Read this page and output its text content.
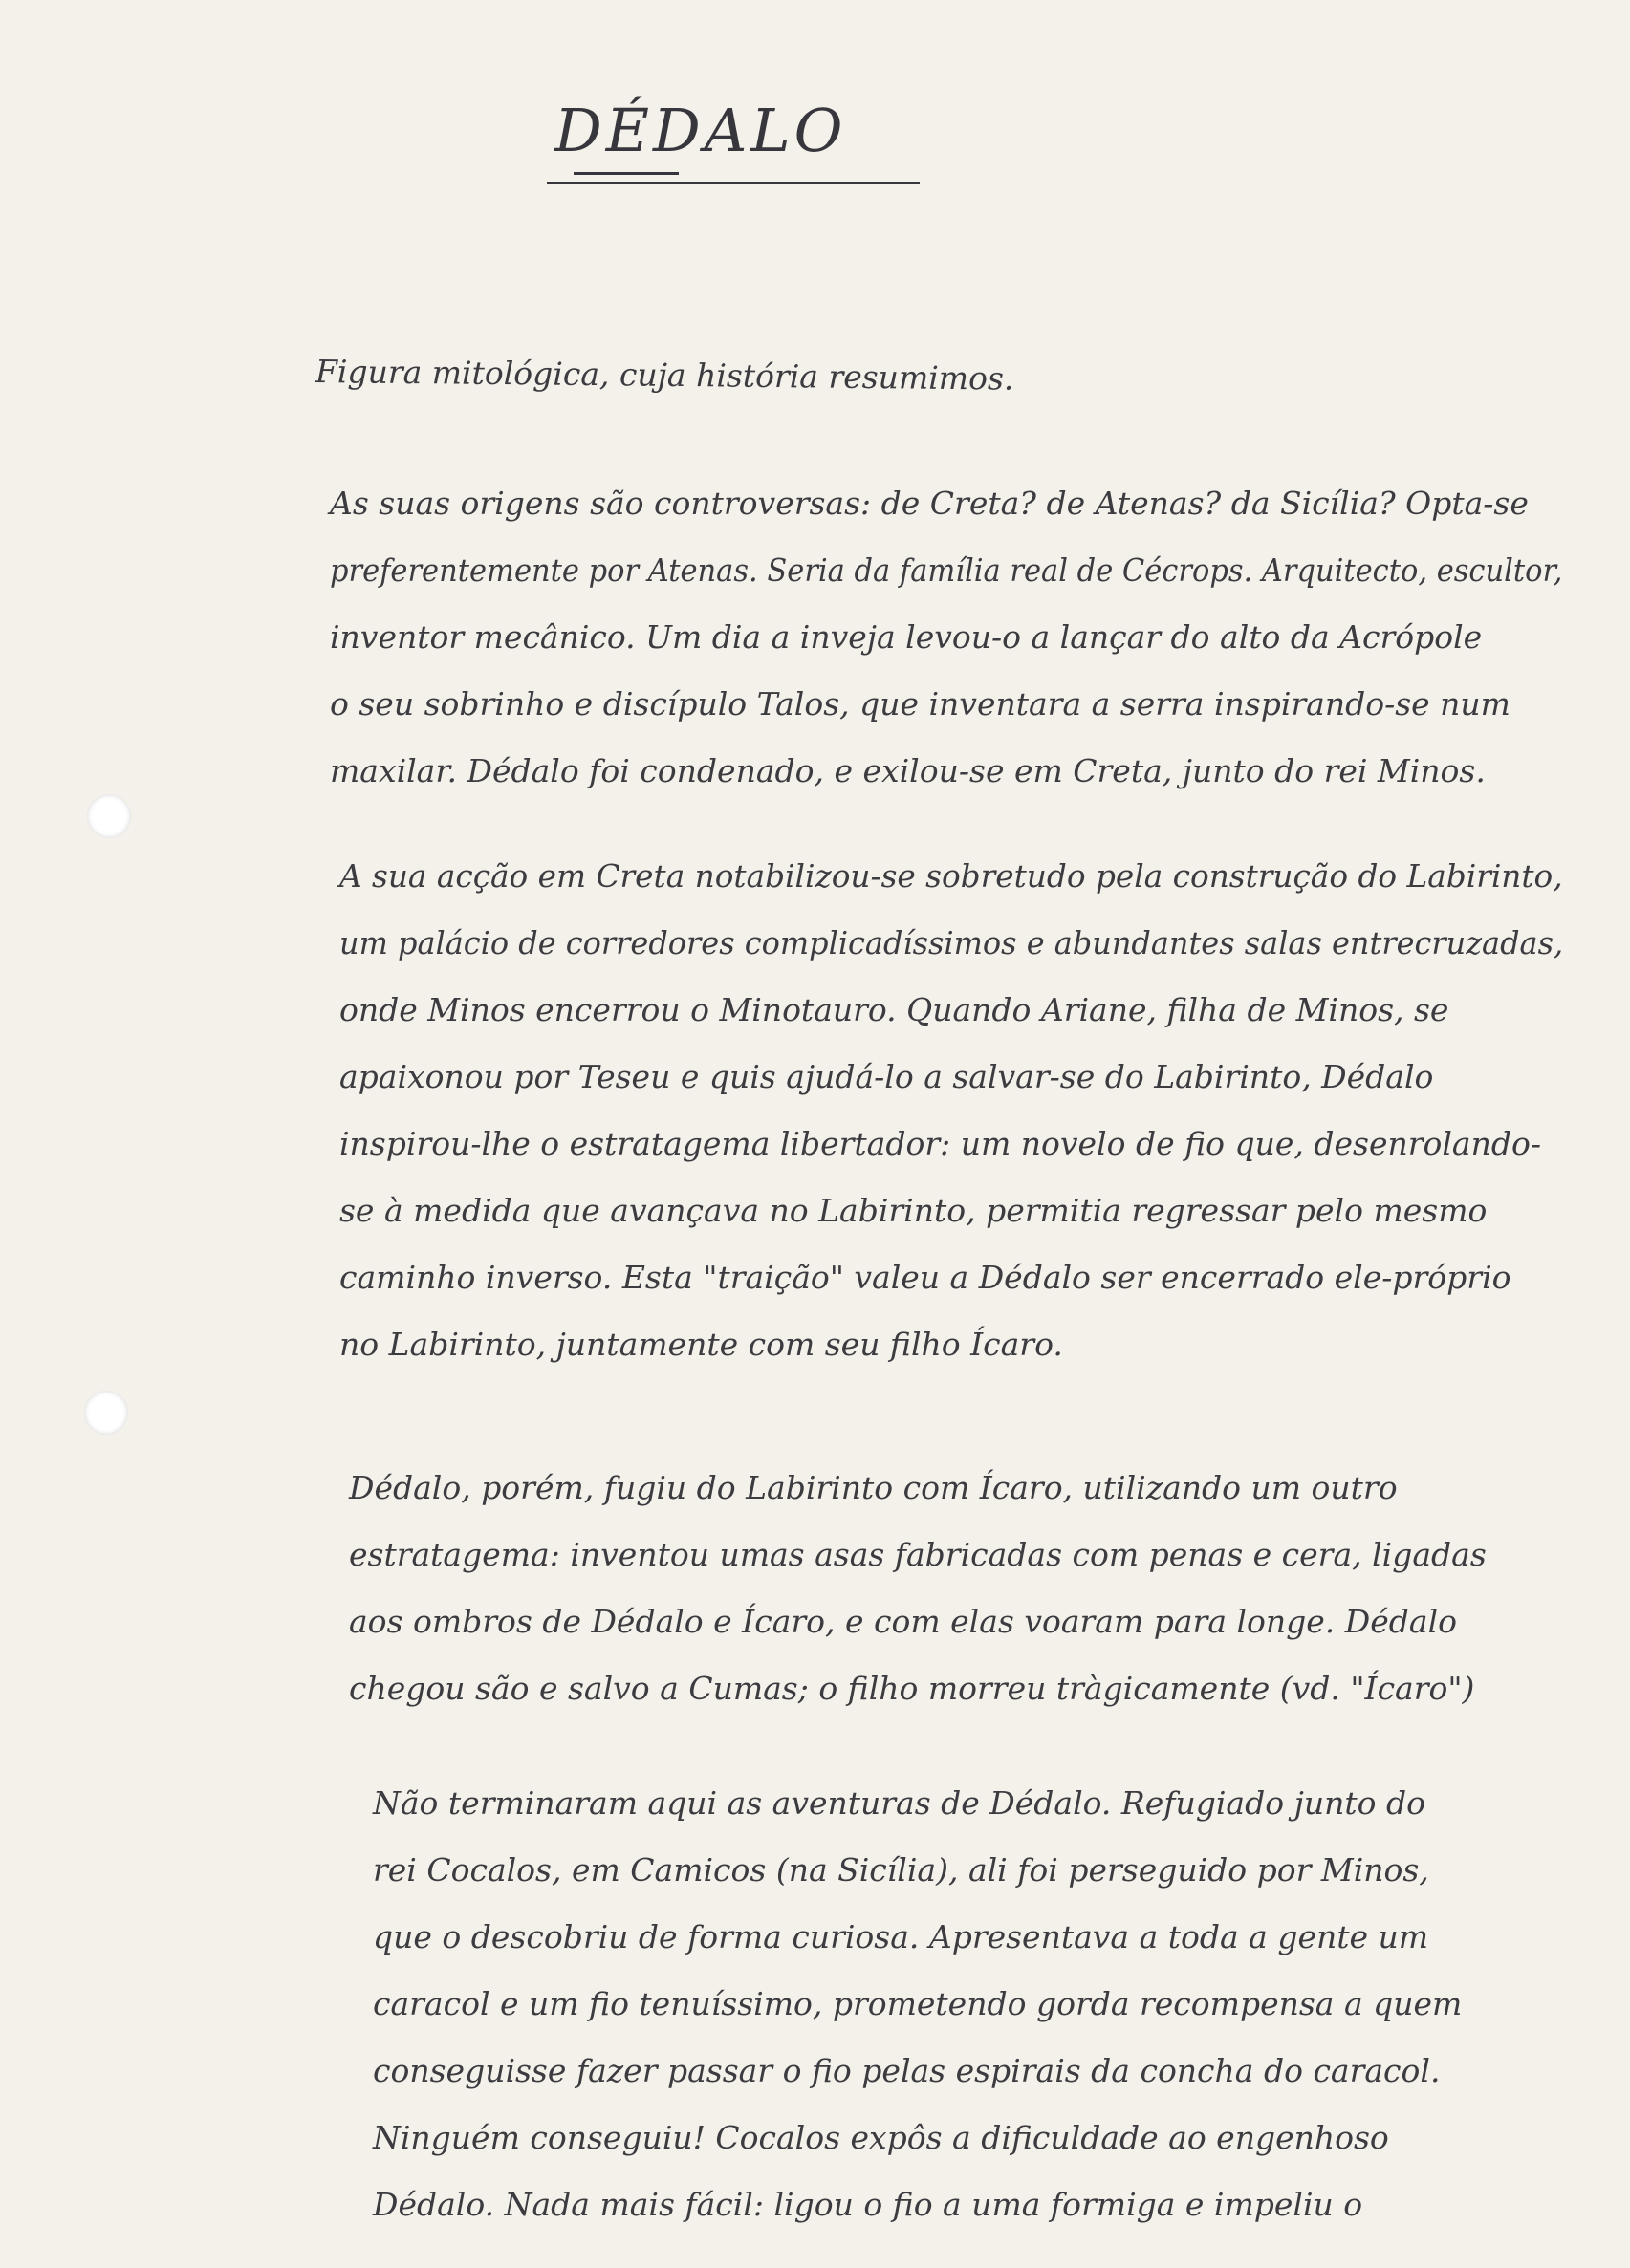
DÉDALO
Figura mitológica, cuja história resumimos.
As suas origens são controversas: de Creta? de Atenas? da Sicília? Opta-se
preferentemente por Atenas. Seria da família real de Cécrops. Arquitecto, escultor,
inventor mecânico. Um dia a inveja levou-o a lançar do alto da Acrópole
o seu sobrinho e discípulo Talos, que inventara a serra inspirando-se num
maxilar. Dédalo foi condenado, e exilou-se em Creta, junto do rei Minos.
A sua acção em Creta notabilizou-se sobretudo pela construção do Labirinto,
um palácio de corredores complicadíssimos e abundantes salas entrecruzadas,
onde Minos encerrou o Minotauro. Quando Ariane, filha de Minos, se
apaixonou por Teseu e quis ajudá-lo a salvar-se do Labirinto, Dédalo
inspirou-lhe o estratagema libertador: um novelo de fio que, desenrolando-
se à medida que avançava no Labirinto, permitia regressar pelo mesmo
caminho inverso. Esta "traição" valeu a Dédalo ser encerrado ele-próprio
no Labirinto, juntamente com seu filho Ícaro.
Dédalo, porém, fugiu do Labirinto com Ícaro, utilizando um outro
estratagema: inventou umas asas fabricadas com penas e cera, ligadas
aos ombros de Dédalo e Ícaro, e com elas voaram para longe. Dédalo
chegou são e salvo a Cumas; o filho morreu tràgicamente (vd. "Ícaro")
Não terminaram aqui as aventuras de Dédalo. Refugiado junto do
rei Cocalos, em Camicos (na Sicília), ali foi perseguido por Minos,
que o descobriu de forma curiosa. Apresentava a toda a gente um
caracol e um fio tenuíssimo, prometendo gorda recompensa a quem
conseguisse fazer passar o fio pelas espirais da concha do caracol.
Ninguém conseguiu! Cocalos expôs a dificuldade ao engenhoso
Dédalo. Nada mais fácil: ligou o fio a uma formiga e impeliu o
